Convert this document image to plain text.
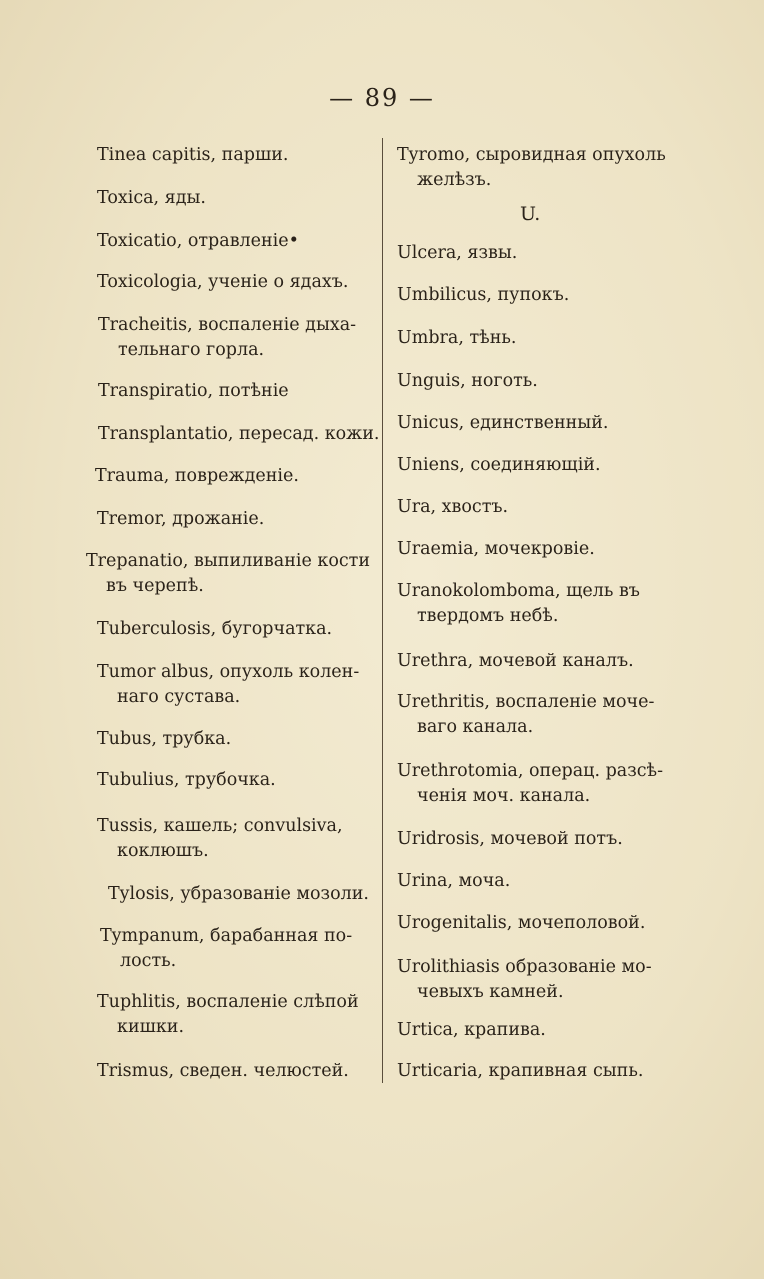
— 89 —
Tinea capitis, парши.
Toxica, яды.
Toxicatio, отравленіе•
Toxicologia, ученіе о ядахъ.
Tracheitis, воспаленіе дыха-
тельнаго горла.
Transpiratio, потѣніе
Transplantatio, пересад. кожи.
Trauma, поврежденіе.
Tremor, дрожаніе.
Trepanatio, выпиливаніе кости
въ черепѣ.
Tuberculosis, бугорчатка.
Tumor albus, опухоль колен-
наго сустава.
Tubus, трубка.
Tubulius, трубочка.
Tussis, кашель; convulsiva,
коклюшъ.
Tylosis, убразованіе мозоли.
Tympanum, барабанная по-
лость.
Tuphlitis, воспаленіе слѣпой
кишки.
Trismus, сведен. челюстей.
Tyromo, сыровидная опухоль
желѣзъ.
Ulcera, язвы.
Umbilicus, пупокъ.
Umbra, тѣнь.
Unguis, ноготь.
Unicus, единственный.
Uniens, соединяющій.
Ura, хвостъ.
Uraemia, мочекровіе.
Uranokolomboma, щель въ
твердомъ небѣ.
Urethra, мочевой каналъ.
Urethritis, воспаленіе моче-
ваго канала.
Urethrotomia, операц. разсѣ-
ченія моч. канала.
Uridrosis, мочевой потъ.
Urina, моча.
Urogenitalis, мочеполовой.
Urolithiasis образованіе мо-
чевыхъ камней.
Urtica, крапива.
Urticaria, крапивная сыпь.
U.
